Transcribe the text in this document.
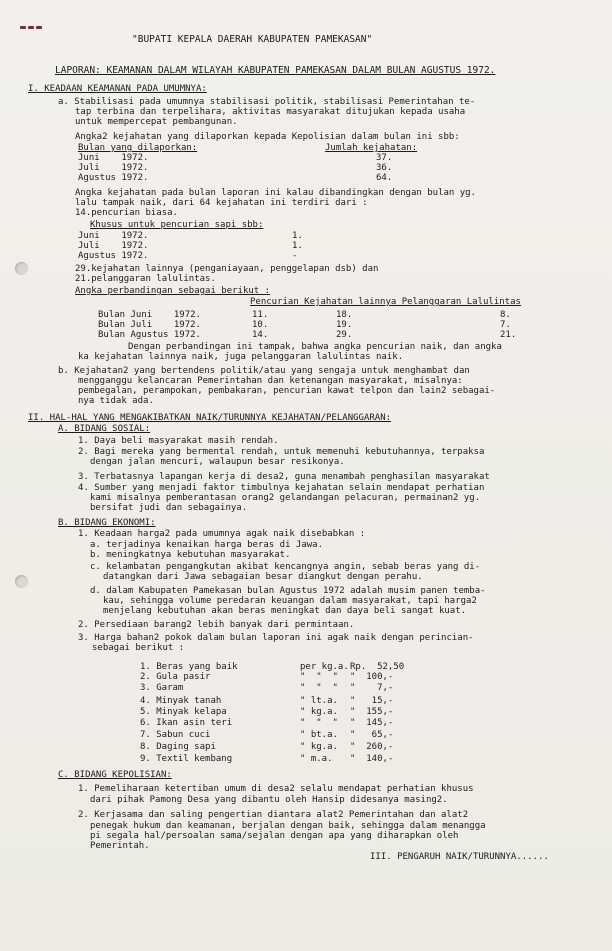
"BUPATI KEPALA DAERAH KABUPATEN PAMEKASAN"
LAPORAN: KEAMANAN DALAM WILAYAH KABUPATEN PAMEKASAN DALAM BULAN AGUSTUS 1972.
I. KEADAAN KEAMANAN PADA UMUMNYA:
a. Stabilisasi pada umumnya stabilisasi politik, stabilisasi Pemerintahan te-
tap terbina dan terpelihara, aktivitas masyarakat ditujukan kepada usaha
untuk mempercepat pembangunan.
Angka2 kejahatan yang dilaporkan kepada Kepolisian dalam bulan ini sbb:
Bulan yang dilaporkan:	Jumlah kejahatan:
Juni    1972.	37.
Juli    1972.	36.
Agustus 1972.	64.
Angka kejahatan pada bulan laporan ini kalau dibandingkan dengan bulan yg.
lalu tampak naik, dari 64 kejahatan ini terdiri dari :
14.pencurian biasa.
Khusus untuk pencurian sapi sbb:
Juni    1972.	1.
Juli    1972.	1.
Agustus 1972.	-
29.kejahatan lainnya (penganiayaan, penggelapan dsb) dan
21.pelanggaran lalulintas.
Angka perbandingan sebagai berikut :
Pencurian Kejahatan lainnya Pelanggaran Lalulintas
Bulan Juni    1972.	11.	18.	8.
Bulan Juli    1972.	10.	19.	7.
Bulan Agustus 1972.	14.	29.	21.
Dengan perbandingan ini tampak, bahwa angka pencurian naik, dan angka
ka kejahatan lainnya naik, juga pelanggaran lalulintas naik.
b. Kejahatan2 yang bertendens politik/atau yang sengaja untuk menghambat dan
mengganggu kelancaran Pemerintahan dan ketenangan masyarakat, misalnya:
pembegalan, perampokan, pembakaran, pencurian kawat telpon dan lain2 sebagai-
nya tidak ada.
II. HAL-HAL YANG MENGAKIBATKAN NAIK/TURUNNYA KEJAHATAN/PELANGGARAN:
A. BIDANG SOSIAL:
1. Daya beli masyarakat masih rendah.
2. Bagi mereka yang bermental rendah, untuk memenuhi kebutuhannya, terpaksa
dengan jalan mencuri, walaupun besar resikonya.
3. Terbatasnya lapangan kerja di desa2, guna menambah penghasilan masyarakat
4. Sumber yang menjadi faktor timbulnya kejahatan selain mendapat perhatian
kami misalnya pemberantasan orang2 gelandangan pelacuran, permainan2 yg.
bersifat judi dan sebagainya.
B. BIDANG EKONOMI:
1. Keadaan harga2 pada umumnya agak naik disebabkan :
a. terjadinya kenaikan harga beras di Jawa.
b. meningkatnya kebutuhan masyarakat.
c. kelambatan pengangkutan akibat kencangnya angin, sebab beras yang di-
datangkan dari Jawa sebagaian besar diangkut dengan perahu.
d. dalam Kabupaten Pamekasan bulan Agustus 1972 adalah musim panen temba-
kau, sehingga volume peredaran keuangan dalam masyarakat, tapi harga2
menjelang kebutuhan akan beras meningkat dan daya beli sangat kuat.
2. Persediaan barang2 lebih banyak dari permintaan.
3. Harga bahan2 pokok dalam bulan laporan ini agak naik dengan perincian-
sebagai berikut :
1. Beras yang baik	per kg.a. Rp.  52,50
2. Gula pasir	"  "  " "  100,-
3. Garam	"  "  " "    7,-
4. Minyak tanah	" lt.a. "   15,-
5. Minyak kelapa	" kg.a. "  155,-
6. Ikan asin teri	"  "  " "  145,-
7. Sabun cuci	" bt.a. "   65,-
8. Daging sapi	" kg.a. "  260,-
9. Textil kembang	" m.a. "  140,-
C. BIDANG KEPOLISIAN:
1. Pemeliharaan ketertiban umum di desa2 selalu mendapat perhatian khusus
dari pihak Pamong Desa yang dibantu oleh Hansip didesanya masing2.
2. Kerjasama dan saling pengertian diantara alat2 Pemerintahan dan alat2
penegak hukum dan keamanan, berjalan dengan baik, sehingga dalam menangga
pi segala hal/persoalan sama/sejalan dengan apa yang diharapkan oleh
Pemerintah.
III. PENGARUH NAIK/TURUNNYA......
